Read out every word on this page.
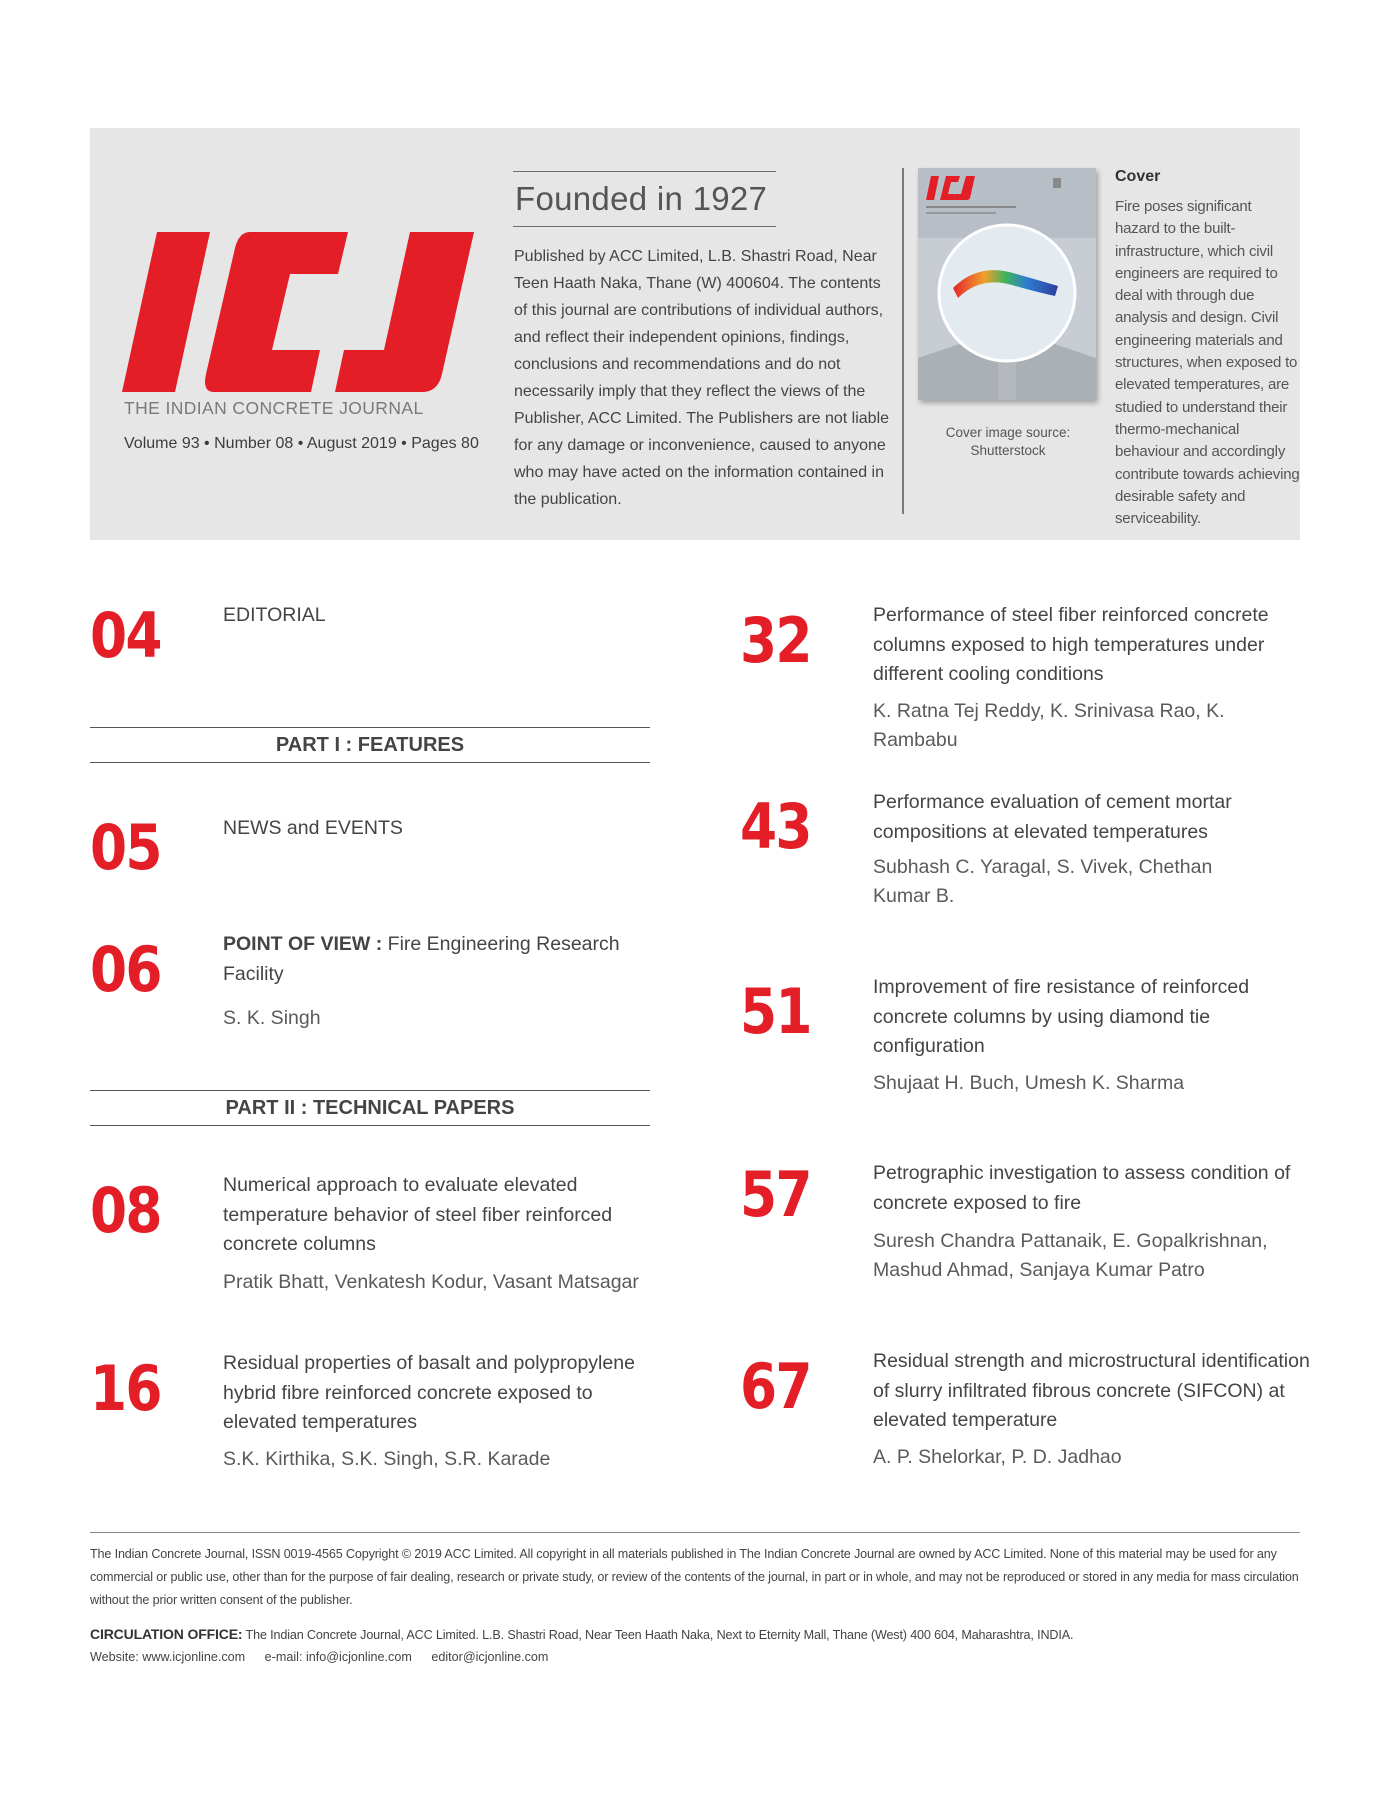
THE INDIAN CONCRETE JOURNAL
Volume 93 • Number 08 • August 2019 • Pages 80
Founded in 1927
Published by ACC Limited, L.B. Shastri Road, Near Teen Haath Naka, Thane (W) 400604. The contents of this journal are contributions of individual authors, and reflect their independent opinions, findings, conclusions and recommendations and do not necessarily imply that they reflect the views of the Publisher, ACC Limited. The Publishers are not liable for any damage or inconvenience, caused to anyone who may have acted on the information contained in the publication.
Cover image source: Shutterstock
Cover
Fire poses significant hazard to the built-infrastructure, which civil engineers are required to deal with through due analysis and design. Civil engineering materials and structures, when exposed to elevated temperatures, are studied to understand their thermo-mechanical behaviour and accordingly contribute towards achieving desirable safety and serviceability.
04	EDITORIAL
PART I : FEATURES
05	NEWS and EVENTS
06	POINT OF VIEW : Fire Engineering Research Facility
S. K. Singh
PART II : TECHNICAL PAPERS
08	Numerical approach to evaluate elevated temperature behavior of steel fiber reinforced concrete columns
Pratik Bhatt, Venkatesh Kodur, Vasant Matsagar
16	Residual properties of basalt and polypropylene hybrid fibre reinforced concrete exposed to elevated temperatures
S.K. Kirthika, S.K. Singh, S.R. Karade
32	Performance of steel fiber reinforced concrete columns exposed to high temperatures under different cooling conditions
K. Ratna Tej Reddy, K. Srinivasa Rao, K. Rambabu
43	Performance evaluation of cement mortar compositions at elevated temperatures
Subhash C. Yaragal, S. Vivek, Chethan Kumar B.
51	Improvement of fire resistance of reinforced concrete columns by using diamond tie configuration
Shujaat H. Buch, Umesh K. Sharma
57	Petrographic investigation to assess condition of concrete exposed to fire
Suresh Chandra Pattanaik, E. Gopalkrishnan, Mashud Ahmad, Sanjaya Kumar Patro
67	Residual strength and microstructural identification of slurry infiltrated fibrous concrete (SIFCON) at elevated temperature
A. P. Shelorkar, P. D. Jadhao
The Indian Concrete Journal, ISSN 0019-4565 Copyright © 2019 ACC Limited. All copyright in all materials published in The Indian Concrete Journal are owned by ACC Limited. None of this material may be used for any commercial or public use, other than for the purpose of fair dealing, research or private study, or review of the contents of the journal, in part or in whole, and may not be reproduced or stored in any media for mass circulation without the prior written consent of the publisher.
CIRCULATION OFFICE: The Indian Concrete Journal, ACC Limited. L.B. Shastri Road, Near Teen Haath Naka, Next to Eternity Mall, Thane (West) 400 604, Maharashtra, INDIA.
Website: www.icjonline.com e-mail: info@icjonline.com editor@icjonline.com
